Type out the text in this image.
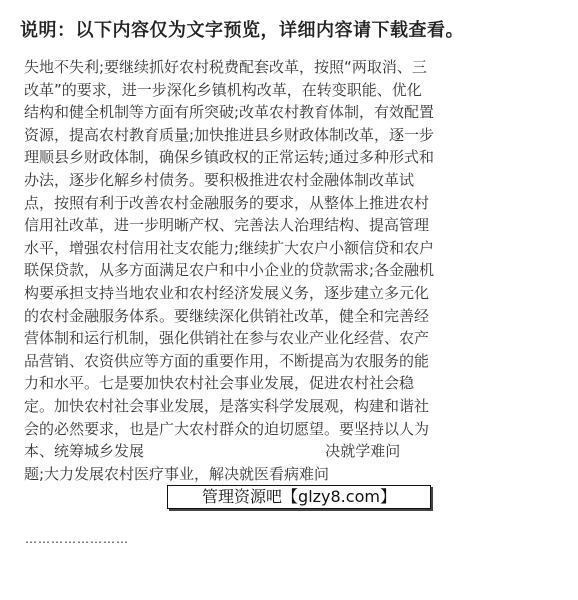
说明：以下内容仅为文字预览，详细内容请下载查看。
失地不失利;要继续抓好农村税费配套改革，按照“两取消、三
改革”的要求，进一步深化乡镇机构改革，在转变职能、优化
结构和健全机制等方面有所突破;改革农村教育体制，有效配置
资源，提高农村教育质量;加快推进县乡财政体制改革，逐一步
理顺县乡财政体制，确保乡镇政权的正常运转;通过多种形式和
办法，逐步化解乡村债务。要积极推进农村金融体制改革试
点，按照有利于改善农村金融服务的要求，从整体上推进农村
信用社改革，进一步明晰产权、完善法人治理结构、提高管理
水平，增强农村信用社支农能力;继续扩大农户小额信贷和农户
联保贷款，从多方面满足农户和中小企业的贷款需求;各金融机
构要承担支持当地农业和农村经济发展义务，逐步建立多元化
的农村金融服务体系。要继续深化供销社改革，健全和完善经
营体制和运行机制，强化供销社在参与农业产业化经营、农产
品营销、农资供应等方面的重要作用，不断提高为农服务的能
力和水平。七是要加快农村社会事业发展，促进农村社会稳
定。加快农村社会事业发展，是落实科学发展观，构建和谐社
会的必然要求，也是广大农村群众的迫切愿望。要坚持以人为
本、统筹城乡发展                                      决就学难问
题;大力发展农村医疗事业，解决就医看病难问
管理资源吧【glzy8.com】
……………………
